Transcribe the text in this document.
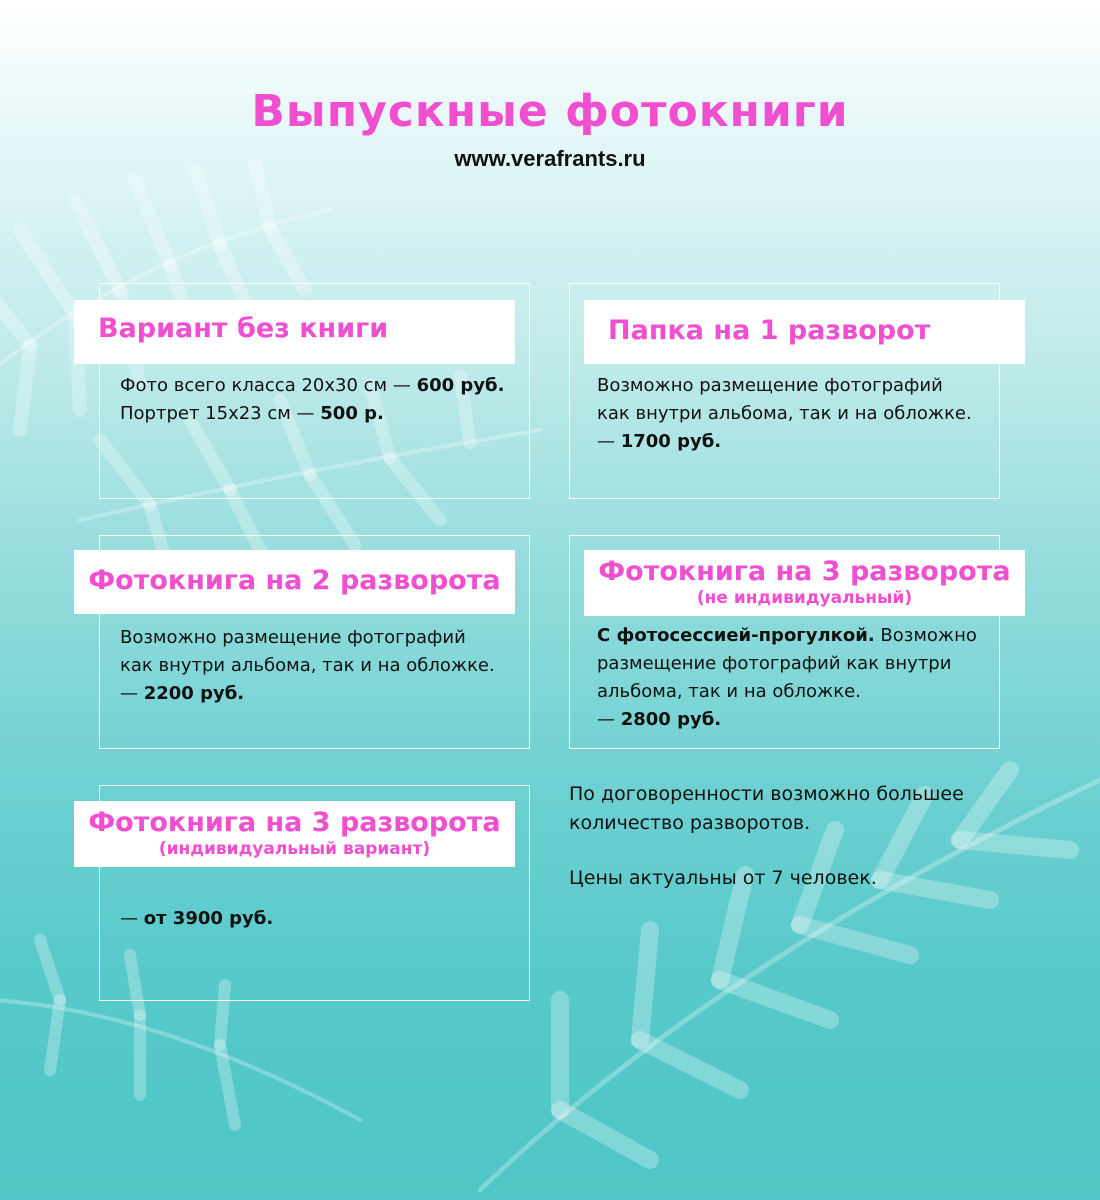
Выпускные фотокниги
www.verafrants.ru
Вариант без книги
Фото всего класса 20х30 см — 600 руб.
Портрет 15х23 см — 500 р.
Папка на 1 разворот
Возможно размещение фотографий
как внутри альбома, так и на обложке.
— 1700 руб.
Фотокнига на 2 разворота
Возможно размещение фотографий
как внутри альбома, так и на обложке.
— 2200 руб.
Фотокнига на 3 разворота
(не индивидуальный)
С фотосессией-прогулкой. Возможно
размещение фотографий как внутри
альбома, так и на обложке.
— 2800 руб.
Фотокнига на 3 разворота
(индивидуальный вариант)
— от 3900 руб.
По договоренности возможно большее
количество разворотов.
Цены актуальны от 7 человек.
